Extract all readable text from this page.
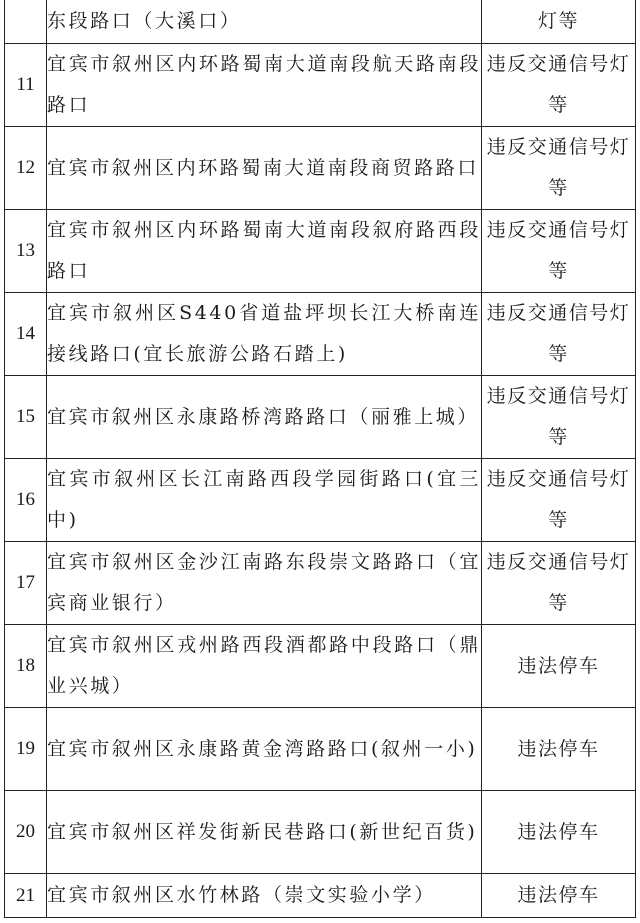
	东段路口（大溪口）	灯等
11	宜宾市叙州区内环路蜀南大道南段航天路南段路口	违反交通信号灯等
12	宜宾市叙州区内环路蜀南大道南段商贸路路口	违反交通信号灯等
13	宜宾市叙州区内环路蜀南大道南段叙府路西段路口	违反交通信号灯等
14	宜宾市叙州区S440省道盐坪坝长江大桥南连接线路口(宜长旅游公路石踏上)	违反交通信号灯等
15	宜宾市叙州区永康路桥湾路路口（丽雅上城）	违反交通信号灯等
16	宜宾市叙州区长江南路西段学园街路口(宜三中)	违反交通信号灯等
17	宜宾市叙州区金沙江南路东段崇文路路口（宜宾商业银行）	违反交通信号灯等
18	宜宾市叙州区戎州路西段酒都路中段路口（鼎业兴城）	违法停车
19	宜宾市叙州区永康路黄金湾路路口(叙州一小)	违法停车
20	宜宾市叙州区祥发街新民巷路口(新世纪百货)	违法停车
21	宜宾市叙州区水竹林路（崇文实验小学）	违法停车
